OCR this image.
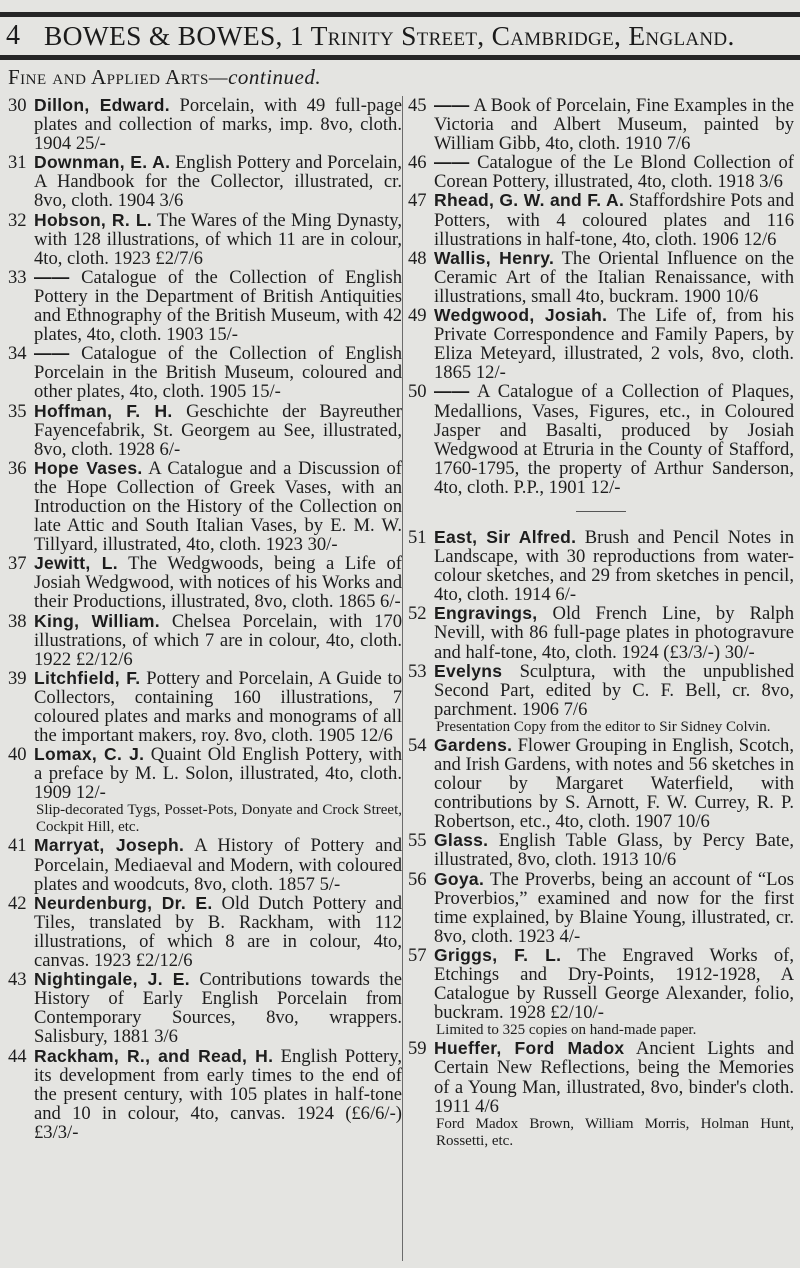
4 BOWES & BOWES, 1 Trinity Street, Cambridge, England.
Fine and Applied Arts—continued.

30 Dillon, Edward. Porcelain, with 49 full-page plates and collection of marks, imp. 8vo, cloth. 1904 25/-

31 Downman, E. A. English Pottery and Porcelain, A Handbook for the Collector, illustrated, cr. 8vo, cloth. 1904 3/6

32 Hobson, R. L. The Wares of the Ming Dynasty, with 128 illustrations, of which 11 are in colour, 4to, cloth. 1923 £2/7/6

33 —— Catalogue of the Collection of English Pottery in the Department of British Antiquities and Ethnography of the British Museum, with 42 plates, 4to, cloth. 1903 15/-

34 —— Catalogue of the Collection of English Porcelain in the British Museum, coloured and other plates, 4to, cloth. 1905 15/-

35 Hoffman, F. H. Geschichte der Bayreuther Fayencefabrik, St. Georgem au See, illustrated, 8vo, cloth. 1928 6/-

36 Hope Vases. A Catalogue and a Discussion of the Hope Collection of Greek Vases, with an Introduction on the History of the Collection on late Attic and South Italian Vases, by E. M. W. Tillyard, illustrated, 4to, cloth. 1923 30/-

37 Jewitt, L. The Wedgwoods, being a Life of Josiah Wedgwood, with notices of his Works and their Productions, illustrated, 8vo, cloth. 1865 6/-

38 King, William. Chelsea Porcelain, with 170 illustrations, of which 7 are in colour, 4to, cloth. 1922 £2/12/6

39 Litchfield, F. Pottery and Porcelain, A Guide to Collectors, containing 160 illustrations, 7 coloured plates and marks and monograms of all the important makers, roy. 8vo, cloth. 1905 12/6

40 Lomax, C. J. Quaint Old English Pottery, with a preface by M. L. Solon, illustrated, 4to, cloth. 1909 12/-
Slip-decorated Tygs, Posset-Pots, Donyate and Crock Street, Cockpit Hill, etc.

41 Marryat, Joseph. A History of Pottery and Porcelain, Mediaeval and Modern, with coloured plates and woodcuts, 8vo, cloth. 1857 5/-

42 Neurdenburg, Dr. E. Old Dutch Pottery and Tiles, translated by B. Rackham, with 112 illustrations, of which 8 are in colour, 4to, canvas. 1923 £2/12/6

43 Nightingale, J. E. Contributions towards the History of Early English Porcelain from Contemporary Sources, 8vo, wrappers. Salisbury, 1881 3/6

44 Rackham, R., and Read, H. English Pottery, its development from early times to the end of the present century, with 105 plates in half-tone and 10 in colour, 4to, canvas. 1924 (£6/6/-) £3/3/-

45 —— A Book of Porcelain, Fine Examples in the Victoria and Albert Museum, painted by William Gibb, 4to, cloth. 1910 7/6

46 —— Catalogue of the Le Blond Collection of Corean Pottery, illustrated, 4to, cloth. 1918 3/6

47 Rhead, G. W. and F. A. Staffordshire Pots and Potters, with 4 coloured plates and 116 illustrations in half-tone, 4to, cloth. 1906 12/6

48 Wallis, Henry. The Oriental Influence on the Ceramic Art of the Italian Renaissance, with illustrations, small 4to, buckram. 1900 10/6

49 Wedgwood, Josiah. The Life of, from his Private Correspondence and Family Papers, by Eliza Meteyard, illustrated, 2 vols, 8vo, cloth. 1865 12/-

50 —— A Catalogue of a Collection of Plaques, Medallions, Vases, Figures, etc., in Coloured Jasper and Basalti, produced by Josiah Wedgwood at Etruria in the County of Stafford, 1760-1795, the property of Arthur Sanderson, 4to, cloth. P.P., 1901 12/-

51 East, Sir Alfred. Brush and Pencil Notes in Landscape, with 30 reproductions from water-colour sketches, and 29 from sketches in pencil, 4to, cloth. 1914 6/-

52 Engravings, Old French Line, by Ralph Nevill, with 86 full-page plates in photogravure and half-tone, 4to, cloth. 1924 (£3/3/-) 30/-

53 Evelyns Sculptura, with the unpublished Second Part, edited by C. F. Bell, cr. 8vo, parchment. 1906 7/6
Presentation Copy from the editor to Sir Sidney Colvin.

54 Gardens. Flower Grouping in English, Scotch, and Irish Gardens, with notes and 56 sketches in colour by Margaret Waterfield, with contributions by S. Arnott, F. W. Currey, R. P. Robertson, etc., 4to, cloth. 1907 10/6

55 Glass. English Table Glass, by Percy Bate, illustrated, 8vo, cloth. 1913 10/6

56 Goya. The Proverbs, being an account of “Los Proverbios,” examined and now for the first time explained, by Blaine Young, illustrated, cr. 8vo, cloth. 1923 4/-

57 Griggs, F. L. The Engraved Works of, Etchings and Dry-Points, 1912-1928, A Catalogue by Russell George Alexander, folio, buckram. 1928 £2/10/-
Limited to 325 copies on hand-made paper.

59 Hueffer, Ford Madox Ancient Lights and Certain New Reflections, being the Memories of a Young Man, illustrated, 8vo, binder's cloth. 1911 4/6
Ford Madox Brown, William Morris, Holman Hunt, Rossetti, etc.
